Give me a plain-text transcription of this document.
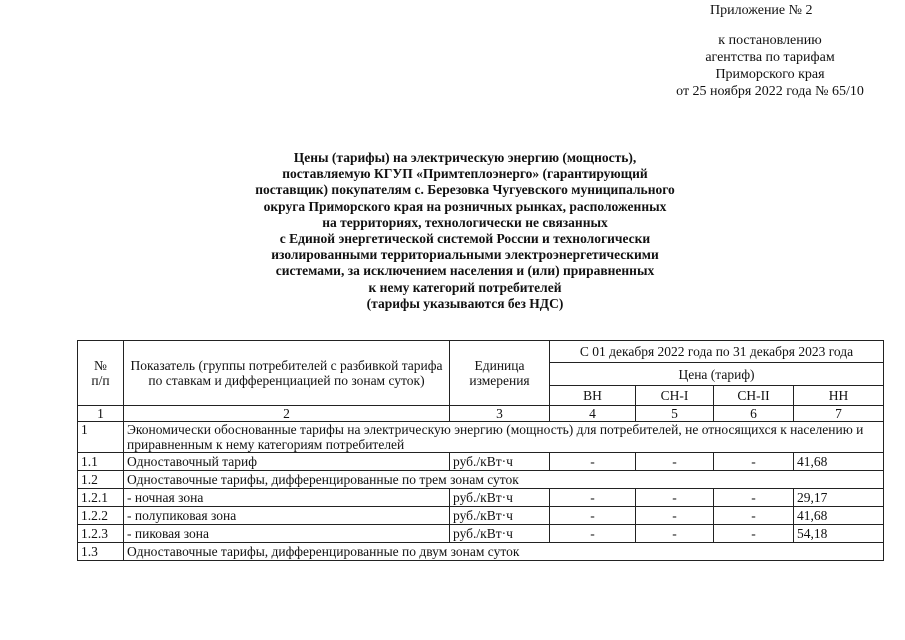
Приложение № 2
к постановлению
агентства по тарифам
Приморского края
от 25 ноября 2022 года № 65/10
Цены (тарифы) на электрическую энергию (мощность),
поставляемую КГУП «Примтеплоэнерго» (гарантирующий
поставщик) покупателям с. Березовка Чугуевского муниципального
округа Приморского края на розничных рынках, расположенных
на территориях, технологически не связанных
с Единой энергетической системой России и технологически
изолированными территориальными электроэнергетическими
системами, за исключением населения и (или) приравненных
к нему категорий потребителей
(тарифы указываются без НДС)
№
п/п	Показатель (группы потребителей с разбивкой тарифа по ставкам и дифференциацией по зонам суток)	Единица измерения	С 01 декабря 2022 года по 31 декабря 2023 года			
			Цена (тариф)			
			ВН	СН-I	СН-II	НН
1	2	3	4	5	6	7
1	Экономически обоснованные тарифы на электрическую энергию (мощность) для потребителей, не относящихся к населению и приравненным к нему категориям потребителей					
1.1	Одноставочный тариф	руб./кВт·ч	-	-	-	41,68
1.2	Одноставочные тарифы, дифференцированные по трем зонам суток					
1.2.1	- ночная зона	руб./кВт·ч	-	-	-	29,17
1.2.2	- полупиковая зона	руб./кВт·ч	-	-	-	41,68
1.2.3	- пиковая зона	руб./кВт·ч	-	-	-	54,18
1.3	Одноставочные тарифы, дифференцированные по двум зонам суток					
